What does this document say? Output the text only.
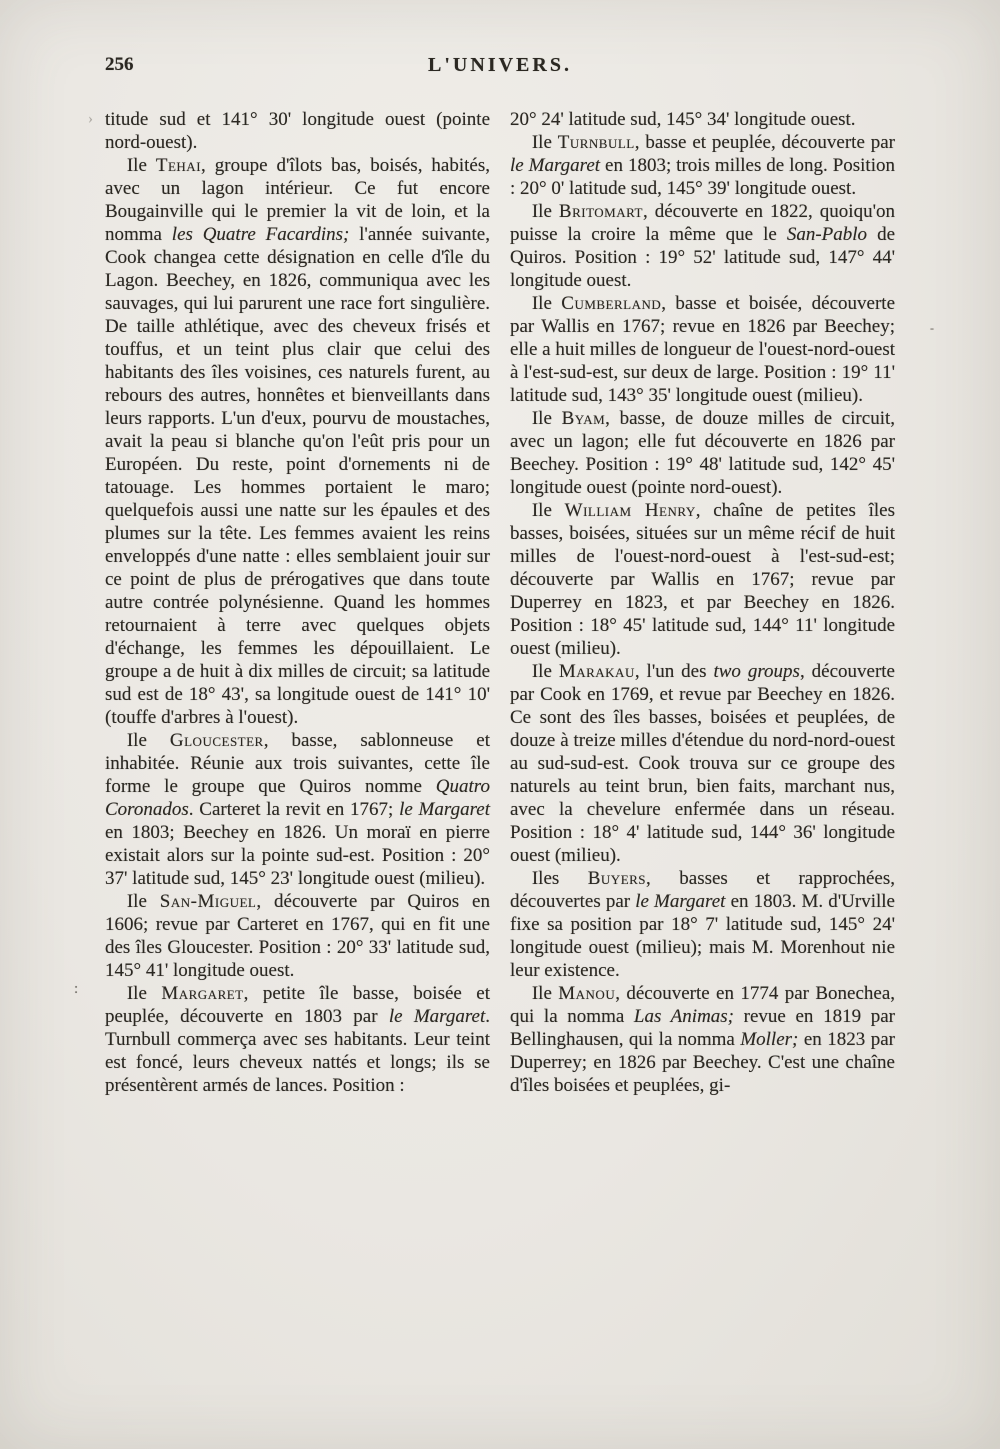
256	L'UNIVERS.

titude sud et 141° 30' longitude ouest (pointe nord-ouest).

Ile Tehai, groupe d'îlots bas, boisés, habités, avec un lagon intérieur. Ce fut encore Bougainville qui le premier la vit de loin, et la nomma les Quatre Facardins; l'année suivante, Cook changea cette désignation en celle d'île du Lagon. Beechey, en 1826, communiqua avec les sauvages, qui lui parurent une race fort singulière. De taille athlétique, avec des cheveux frisés et touffus, et un teint plus clair que celui des habitants des îles voisines, ces naturels furent, au rebours des autres, honnêtes et bienveillants dans leurs rapports. L'un d'eux, pourvu de moustaches, avait la peau si blanche qu'on l'eût pris pour un Européen. Du reste, point d'ornements ni de tatouage. Les hommes portaient le maro; quelquefois aussi une natte sur les épaules et des plumes sur la tête. Les femmes avaient les reins enveloppés d'une natte : elles semblaient jouir sur ce point de plus de prérogatives que dans toute autre contrée polynésienne. Quand les hommes retournaient à terre avec quelques objets d'échange, les femmes les dépouillaient. Le groupe a de huit à dix milles de circuit; sa latitude sud est de 18° 43', sa longitude ouest de 141° 10' (touffe d'arbres à l'ouest).

Ile Gloucester, basse, sablonneuse et inhabitée. Réunie aux trois suivantes, cette île forme le groupe que Quiros nomme Quatro Coronados. Carteret la revit en 1767; le Margaret en 1803; Beechey en 1826. Un moraï en pierre existait alors sur la pointe sud-est. Position : 20° 37' latitude sud, 145° 23' longitude ouest (milieu).

Ile San-Miguel, découverte par Quiros en 1606; revue par Carteret en 1767, qui en fit une des îles Gloucester. Position : 20° 33' latitude sud, 145° 41' longitude ouest.

Ile Margaret, petite île basse, boisée et peuplée, découverte en 1803 par le Margaret. Turnbull commerça avec ses habitants. Leur teint est foncé, leurs cheveux nattés et longs; ils se présentèrent armés de lances. Position :

20° 24' latitude sud, 145° 34' longitude ouest.

Ile Turnbull, basse et peuplée, découverte par le Margaret en 1803; trois milles de long. Position : 20° 0' latitude sud, 145° 39' longitude ouest.

Ile Britomart, découverte en 1822, quoiqu'on puisse la croire la même que le San-Pablo de Quiros. Position : 19° 52' latitude sud, 147° 44' longitude ouest.

Ile Cumberland, basse et boisée, découverte par Wallis en 1767; revue en 1826 par Beechey; elle a huit milles de longueur de l'ouest-nord-ouest à l'est-sud-est, sur deux de large. Position : 19° 11' latitude sud, 143° 35' longitude ouest (milieu).

Ile Byam, basse, de douze milles de circuit, avec un lagon; elle fut découverte en 1826 par Beechey. Position : 19° 48' latitude sud, 142° 45' longitude ouest (pointe nord-ouest).

Ile William Henry, chaîne de petites îles basses, boisées, situées sur un même récif de huit milles de l'ouest-nord-ouest à l'est-sud-est; découverte par Wallis en 1767; revue par Duperrey en 1823, et par Beechey en 1826. Position : 18° 45' latitude sud, 144° 11' longitude ouest (milieu).

Ile Marakau, l'un des two groups, découverte par Cook en 1769, et revue par Beechey en 1826. Ce sont des îles basses, boisées et peuplées, de douze à treize milles d'étendue du nord-nord-ouest au sud-sud-est. Cook trouva sur ce groupe des naturels au teint brun, bien faits, marchant nus, avec la chevelure enfermée dans un réseau. Position : 18° 4' latitude sud, 144° 36' longitude ouest (milieu).

Iles Buyers, basses et rapprochées, découvertes par le Margaret en 1803. M. d'Urville fixe sa position par 18° 7' latitude sud, 145° 24' longitude ouest (milieu); mais M. Morenhout nie leur existence.

Ile Manou, découverte en 1774 par Bonechea, qui la nomma Las Animas; revue en 1819 par Bellinghausen, qui la nomma Moller; en 1823 par Duperrey; en 1826 par Beechey. C'est une chaîne d'îles boisées et peuplées, gi-

:
-
›
